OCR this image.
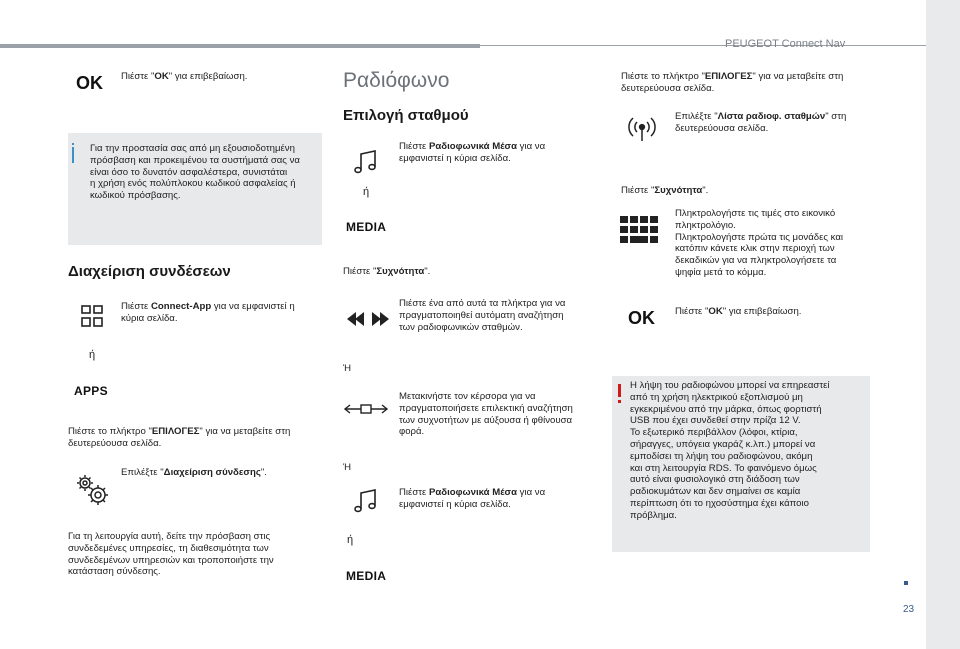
PEUGEOT Connect Nav
23
OK Πιέστε "OK" για επιβεβαίωση.
Για την προστασία σας από μη εξουσιοδοτημένη
πρόσβαση και προκειμένου τα συστήματά σας να
είναι όσο το δυνατόν ασφαλέστερα, συνιστάται
η χρήση ενός πολύπλοκου κωδικού ασφαλείας ή
κωδικού πρόσβασης.
Διαχείριση συνδέσεων
Πιέστε Connect-App για να εμφανιστεί η
κύρια σελίδα.
ή
APPS
Πιέστε το πλήκτρο "ΕΠΙΛΟΓΕΣ" για να μεταβείτε στη
δευτερεύουσα σελίδα.
Επιλέξτε "Διαχείριση σύνδεσης".
Για τη λειτουργία αυτή, δείτε την πρόσβαση στις
συνδεδεμένες υπηρεσίες, τη διαθεσιμότητα των
συνδεδεμένων υπηρεσιών και τροποποιήστε την
κατάσταση σύνδεσης.
Ραδιόφωνο
Επιλογή σταθμού
Πιέστε Ραδιοφωνικά Μέσα για να
εμφανιστεί η κύρια σελίδα.
ή
MEDIA
Πιέστε "Συχνότητα".
Πιέστε ένα από αυτά τα πλήκτρα για να
πραγματοποιηθεί αυτόματη αναζήτηση
των ραδιοφωνικών σταθμών.
Ή
Μετακινήστε τον κέρσορα για να
πραγματοποιήσετε επιλεκτική αναζήτηση
των συχνοτήτων με αύξουσα ή φθίνουσα
φορά.
Ή
Πιέστε Ραδιοφωνικά Μέσα για να
εμφανιστεί η κύρια σελίδα.
ή
MEDIA
Πιέστε το πλήκτρο "ΕΠΙΛΟΓΕΣ" για να μεταβείτε στη
δευτερεύουσα σελίδα.
Επιλέξτε "Λίστα ραδιοφ. σταθμών" στη
δευτερεύουσα σελίδα.
Πιέστε "Συχνότητα".
Πληκτρολογήστε τις τιμές στο εικονικό
πληκτρολόγιο.
Πληκτρολογήστε πρώτα τις μονάδες και
κατόπιν κάνετε κλικ στην περιοχή των
δεκαδικών για να πληκτρολογήσετε τα
ψηφία μετά το κόμμα.
OK Πιέστε "OK" για επιβεβαίωση.
Η λήψη του ραδιοφώνου μπορεί να επηρεαστεί
από τη χρήση ηλεκτρικού εξοπλισμού μη
εγκεκριμένου από την μάρκα, όπως φορτιστή
USB που έχει συνδεθεί στην πρίζα 12 V.
Το εξωτερικό περιβάλλον (λόφοι, κτίρια,
σήραγγες, υπόγεια γκαράζ κ.λπ.) μπορεί να
εμποδίσει τη λήψη του ραδιοφώνου, ακόμη
και στη λειτουργία RDS. Το φαινόμενο όμως
αυτό είναι φυσιολογικό στη διάδοση των
ραδιοκυμάτων και δεν σημαίνει σε καμία
περίπτωση ότι το ηχοσύστημα έχει κάποιο
πρόβλημα.
